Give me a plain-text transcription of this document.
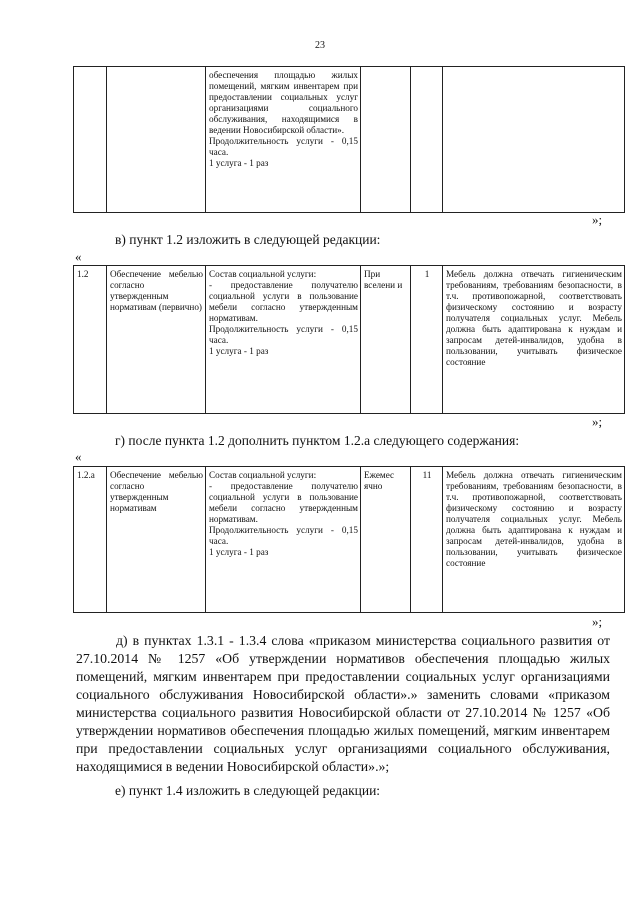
23
		обеспечения площадью жилых помещений, мягким инвентарем при предоставлении социальных услуг организациями социального обслуживания, находящимися в ведении Новосибирской области».
Продолжительность услуги - 0,15 часа.
1 услуга - 1 раз			
»;
в) пункт 1.2 изложить в следующей редакции:
«
1.2	Обеспечение мебелью согласно утвержденным нормативам (первично)	Состав социальной услуги:
- предоставление получателю социальной услуги в пользование мебели согласно утвержденным нормативам.
Продолжительность услуги - 0,15 часа.
1 услуга - 1 раз	При вселени и	1	Мебель должна отвечать гигиеническим требованиям, требованиям безопасности, в т.ч. противопожарной, соответствовать физическому состоянию и возрасту получателя социальных услуг. Мебель должна быть адаптирована к нуждам и запросам детей-инвалидов, удобна в пользовании, учитывать физическое состояние
»;
г) после пункта 1.2 дополнить пунктом 1.2.а следующего содержания:
«
1.2.а	Обеспечение мебелью согласно утвержденным нормативам	Состав социальной услуги:
- предоставление получателю социальной услуги в пользование мебели согласно утвержденным нормативам.
Продолжительность услуги - 0,15 часа.
1 услуга - 1 раз	Ежемес ячно	11	Мебель должна отвечать гигиеническим требованиям, требованиям безопасности, в т.ч. противопожарной, соответствовать физическому состоянию и возрасту получателя социальных услуг. Мебель должна быть адаптирована к нуждам и запросам детей-инвалидов, удобна в пользовании, учитывать физическое состояние
»;
д) в пунктах 1.3.1 - 1.3.4 слова «приказом министерства социального развития от 27.10.2014 № 1257 «Об утверждении нормативов обеспечения площадью жилых помещений, мягким инвентарем при предоставлении социальных услуг организациями социального обслуживания Новосибирской области».» заменить словами «приказом министерства социального развития Новосибирской области от 27.10.2014 № 1257 «Об утверждении нормативов обеспечения площадью жилых помещений, мягким инвентарем при предоставлении социальных услуг организациями социального обслуживания, находящимися в ведении Новосибирской области».»;
е) пункт 1.4 изложить в следующей редакции:
